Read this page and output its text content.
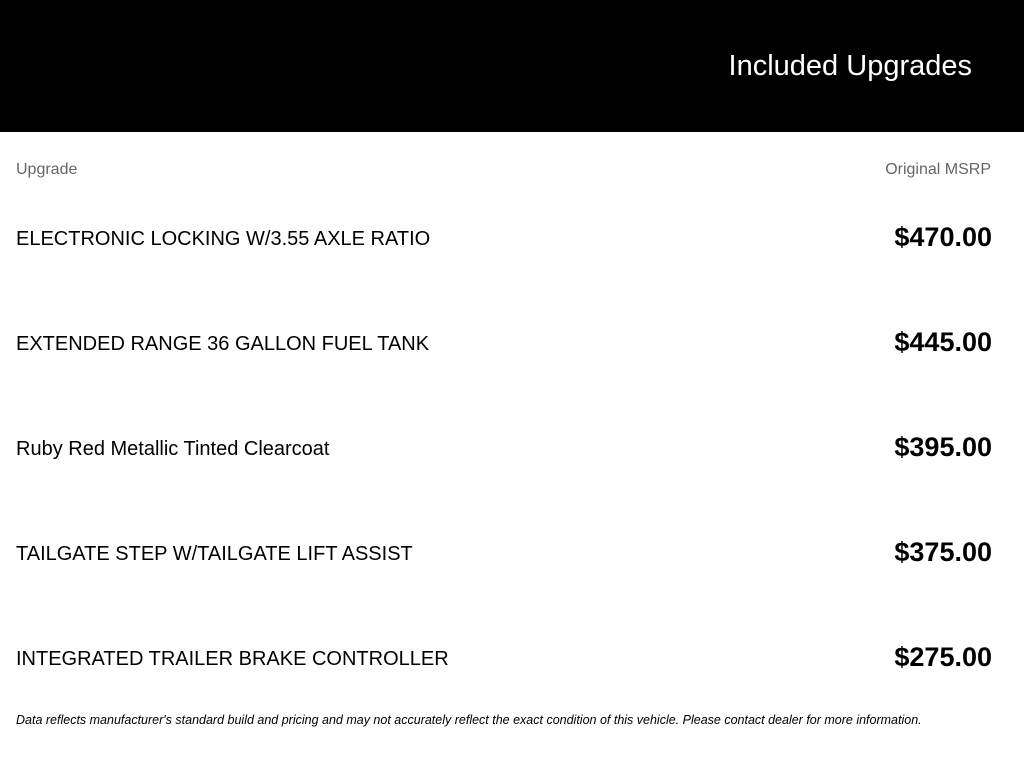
Included Upgrades
Upgrade	Original MSRP
ELECTRONIC LOCKING W/3.55 AXLE RATIO	$470.00
EXTENDED RANGE 36 GALLON FUEL TANK	$445.00
Ruby Red Metallic Tinted Clearcoat	$395.00
TAILGATE STEP W/TAILGATE LIFT ASSIST	$375.00
INTEGRATED TRAILER BRAKE CONTROLLER	$275.00
Data reflects manufacturer's standard build and pricing and may not accurately reflect the exact condition of this vehicle. Please contact dealer for more information.
